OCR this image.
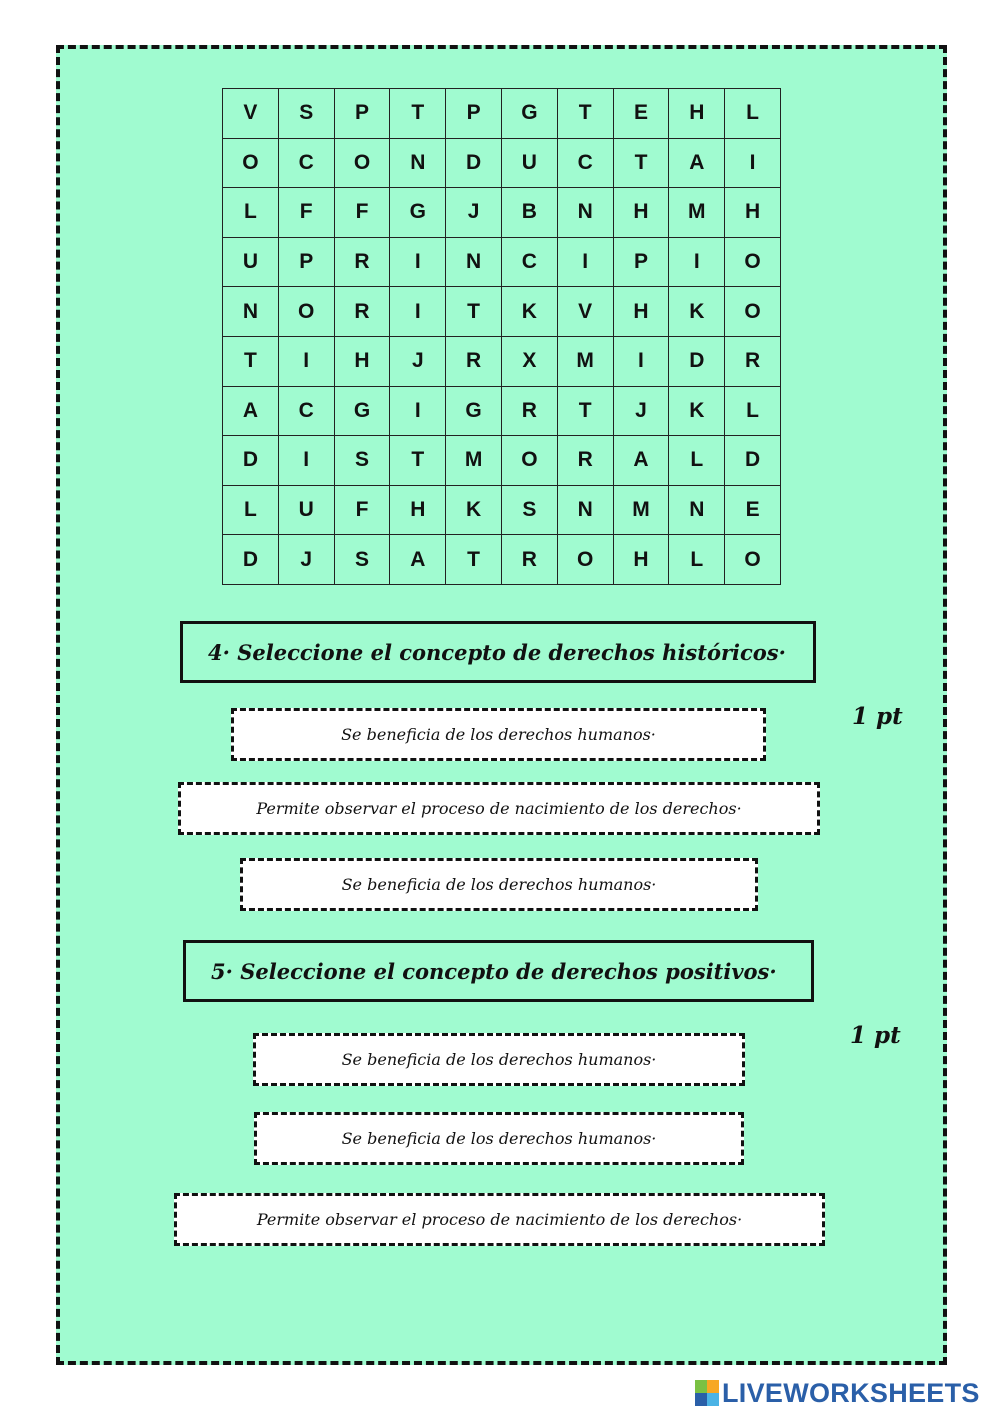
V	S	P	T	P	G	T	E	H	L
O	C	O	N	D	U	C	T	A	I
L	F	F	G	J	B	N	H	M	H
U	P	R	I	N	C	I	P	I	O
N	O	R	I	T	K	V	H	K	O
T	I	H	J	R	X	M	I	D	R
A	C	G	I	G	R	T	J	K	L
D	I	S	T	M	O	R	A	L	D
L	U	F	H	K	S	N	M	N	E
D	J	S	A	T	R	O	H	L	O
4· Seleccione el concepto de derechos históricos·
1 pt
Se beneficia de los derechos humanos·
Permite observar el proceso de nacimiento de los derechos·
Se beneficia de los derechos humanos·
5· Seleccione el concepto de derechos positivos·
1 pt
Se beneficia de los derechos humanos·
Se beneficia de los derechos humanos·
Permite observar el proceso de nacimiento de los derechos·
LIVEWORKSHEETS
